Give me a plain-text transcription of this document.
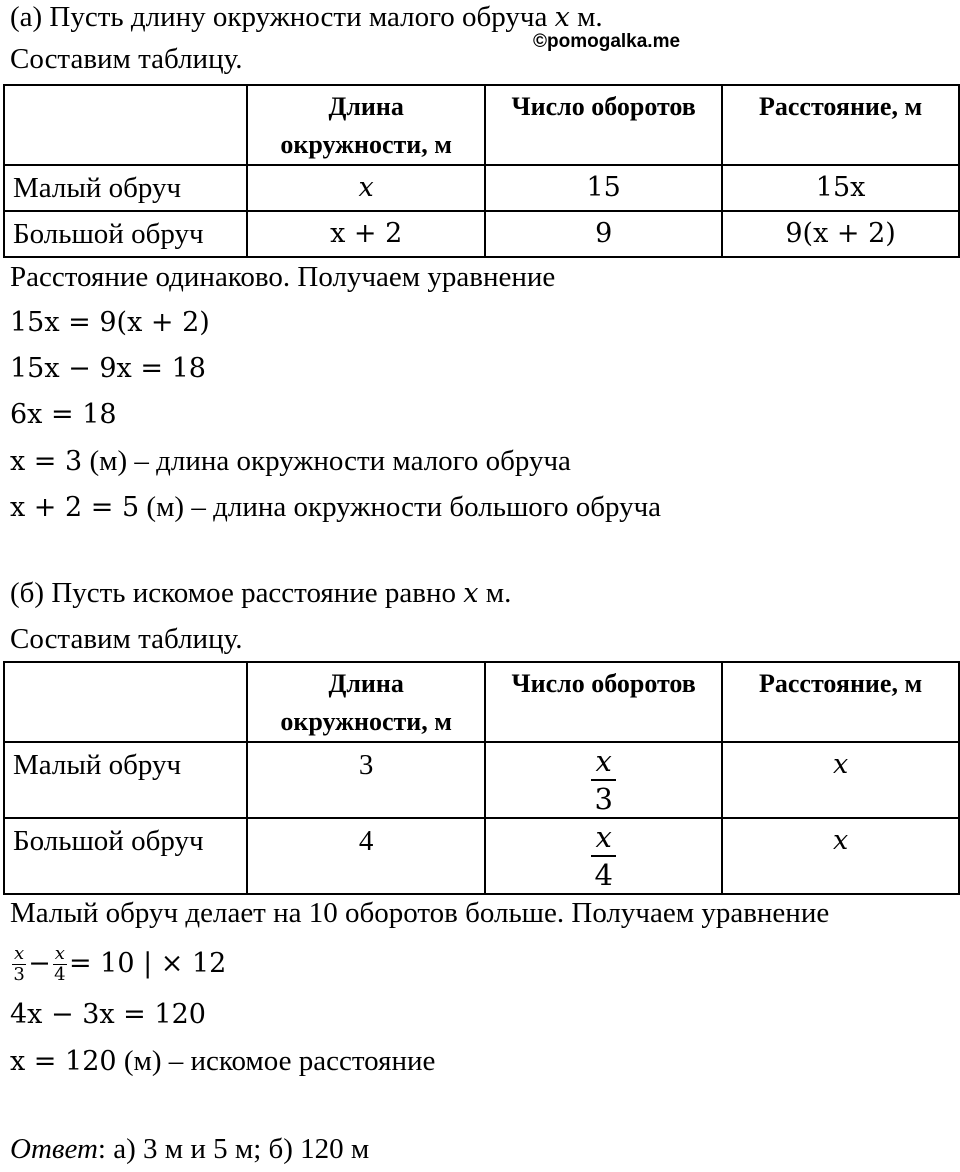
©pomogalka.me
(а) Пусть длину окружности малого обруча x м.
Составим таблицу.
	Длина
окружности, м	Число оборотов	Расстояние, м
Малый обруч	x	15	15x
Большой обруч	x + 2	9	9(x + 2)
Расстояние одинаково. Получаем уравнение
15x = 9(x + 2)
15x − 9x = 18
6x = 18
x = 3 (м) – длина окружности малого обруча
x + 2 = 5 (м) – длина окружности большого обруча
(б) Пусть искомое расстояние равно x м.
Составим таблицу.
	Длина
окружности, м	Число оборотов	Расстояние, м
Малый обруч	3	$\frac{x}{3}$	x
Большой обруч	4	$\frac{x}{4}$	x
Малый обруч делает на 10 оборотов больше. Получаем уравнение
$\frac{x}{3} - \frac{x}{4} = 10$ | × 12
4x − 3x = 120
x = 120 (м) – искомое расстояние
Ответ: а) 3 м и 5 м; б) 120 м
